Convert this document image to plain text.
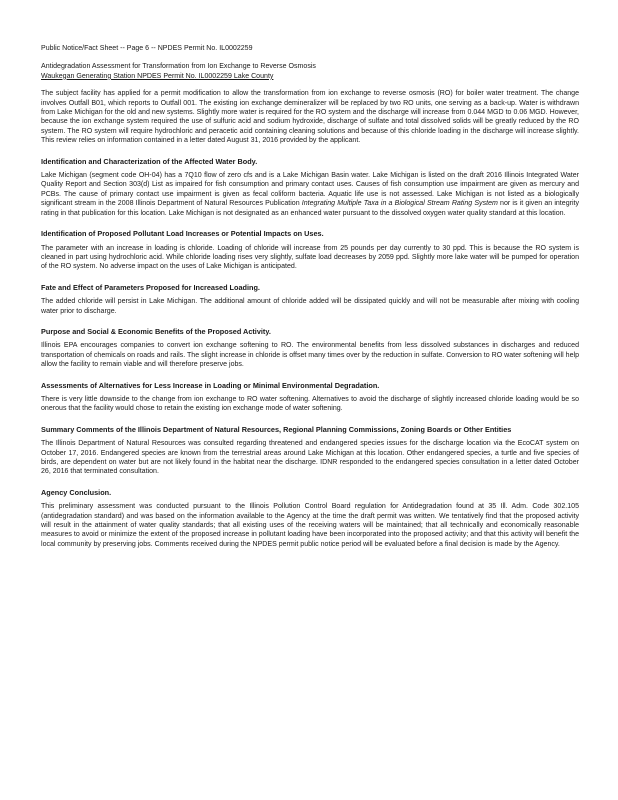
Public Notice/Fact Sheet -- Page 6 -- NPDES Permit No. IL0002259

Antidegradation Assessment for Transformation from Ion Exchange to Reverse Osmosis

Waukegan Generating Station NPDES Permit No. IL0002259 Lake County

The subject facility has applied for a permit modification to allow the transformation from ion exchange to reverse osmosis (RO) for boiler water treatment. The change involves Outfall B01, which reports to Outfall 001. The existing ion exchange demineralizer will be replaced by two RO units, one serving as a back-up. Water is withdrawn from Lake Michigan for the old and new systems. Slightly more water is required for the RO system and the discharge will increase from 0.044 MGD to 0.06 MGD. However, because the ion exchange system required the use of sulfuric acid and sodium hydroxide, discharge of sulfate and total dissolved solids will be greatly reduced by the RO system. The RO system will require hydrochloric and peracetic acid containing cleaning solutions and because of this chloride loading in the discharge will increase slightly. This review relies on information contained in a letter dated August 31, 2016 provided by the applicant.

Identification and Characterization of the Affected Water Body.

Lake Michigan (segment code OH-04) has a 7Q10 flow of zero cfs and is a Lake Michigan Basin water. Lake Michigan is listed on the draft 2016 Illinois Integrated Water Quality Report and Section 303(d) List as impaired for fish consumption and primary contact uses. Causes of fish consumption use impairment are given as mercury and PCBs. The cause of primary contact use impairment is given as fecal coliform bacteria. Aquatic life use is not assessed. Lake Michigan is not listed as a biologically significant stream in the 2008 Illinois Department of Natural Resources Publication Integrating Multiple Taxa in a Biological Stream Rating System nor is it given an integrity rating in that publication for this location. Lake Michigan is not designated as an enhanced water pursuant to the dissolved oxygen water quality standard at this location.

Identification of Proposed Pollutant Load Increases or Potential Impacts on Uses.

The parameter with an increase in loading is chloride. Loading of chloride will increase from 25 pounds per day currently to 30 ppd. This is because the RO system is cleaned in part using hydrochloric acid. While chloride loading rises very slightly, sulfate load decreases by 2059 ppd. Slightly more lake water will be pumped for operation of the RO system. No adverse impact on the uses of Lake Michigan is anticipated.

Fate and Effect of Parameters Proposed for Increased Loading.

The added chloride will persist in Lake Michigan. The additional amount of chloride added will be dissipated quickly and will not be measurable after mixing with cooling water prior to discharge.

Purpose and Social & Economic Benefits of the Proposed Activity.

Illinois EPA encourages companies to convert ion exchange softening to RO. The environmental benefits from less dissolved substances in discharges and reduced transportation of chemicals on roads and rails. The slight increase in chloride is offset many times over by the reduction in sulfate. Conversion to RO water softening will help allow the facility to remain viable and will therefore preserve jobs.

Assessments of Alternatives for Less Increase in Loading or Minimal Environmental Degradation.

There is very little downside to the change from ion exchange to RO water softening. Alternatives to avoid the discharge of slightly increased chloride loading would be so onerous that the facility would chose to retain the existing ion exchange mode of water softening.

Summary Comments of the Illinois Department of Natural Resources, Regional Planning Commissions, Zoning Boards or Other Entities

The Illinois Department of Natural Resources was consulted regarding threatened and endangered species issues for the discharge location via the EcoCAT system on October 17, 2016. Endangered species are known from the terrestrial areas around Lake Michigan at this location. Other endangered species, a turtle and five species of birds, are dependent on water but are not likely found in the habitat near the discharge. IDNR responded to the endangered species consultation in a letter dated October 26, 2016 that terminated consultation.

Agency Conclusion.

This preliminary assessment was conducted pursuant to the Illinois Pollution Control Board regulation for Antidegradation found at 35 Ill. Adm. Code 302.105 (antidegradation standard) and was based on the information available to the Agency at the time the draft permit was written. We tentatively find that the proposed activity will result in the attainment of water quality standards; that all existing uses of the receiving waters will be maintained; that all technically and economically reasonable measures to avoid or minimize the extent of the proposed increase in pollutant loading have been incorporated into the proposed activity; and that this activity will benefit the local community by preserving jobs. Comments received during the NPDES permit public notice period will be evaluated before a final decision is made by the Agency.
